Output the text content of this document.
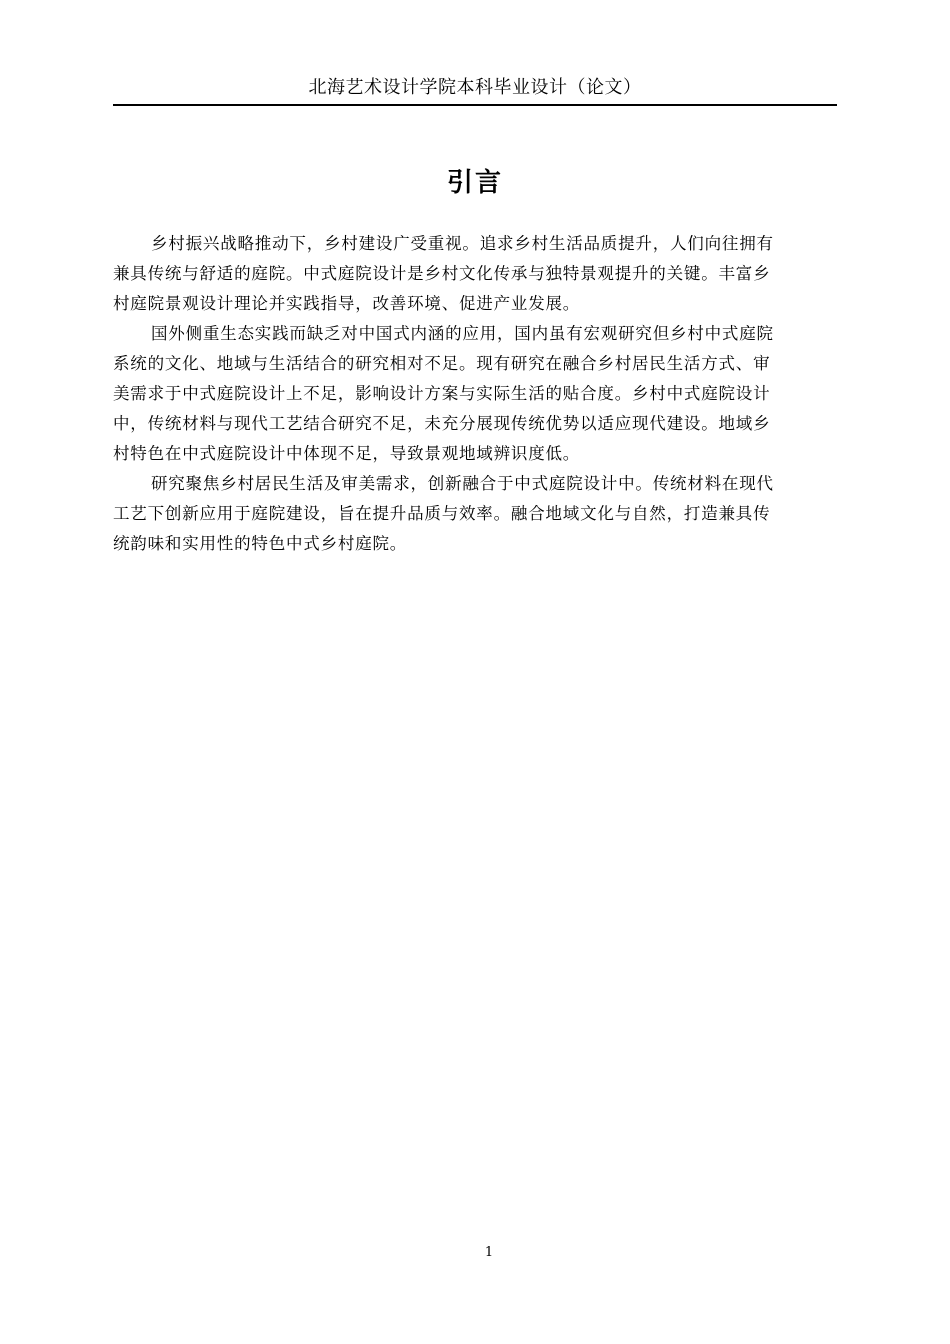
北海艺术设计学院本科毕业设计（论文）
引言

乡村振兴战略推动下，乡村建设广受重视。追求乡村生活品质提升，人们向往拥有
兼具传统与舒适的庭院。中式庭院设计是乡村文化传承与独特景观提升的关键。丰富乡
村庭院景观设计理论并实践指导，改善环境、促进产业发展。

国外侧重生态实践而缺乏对中国式内涵的应用，国内虽有宏观研究但乡村中式庭院
系统的文化、地域与生活结合的研究相对不足。现有研究在融合乡村居民生活方式、审
美需求于中式庭院设计上不足，影响设计方案与实际生活的贴合度。乡村中式庭院设计
中，传统材料与现代工艺结合研究不足，未充分展现传统优势以适应现代建设。地域乡
村特色在中式庭院设计中体现不足，导致景观地域辨识度低。

研究聚焦乡村居民生活及审美需求，创新融合于中式庭院设计中。传统材料在现代
工艺下创新应用于庭院建设，旨在提升品质与效率。融合地域文化与自然，打造兼具传
统韵味和实用性的特色中式乡村庭院。

1
